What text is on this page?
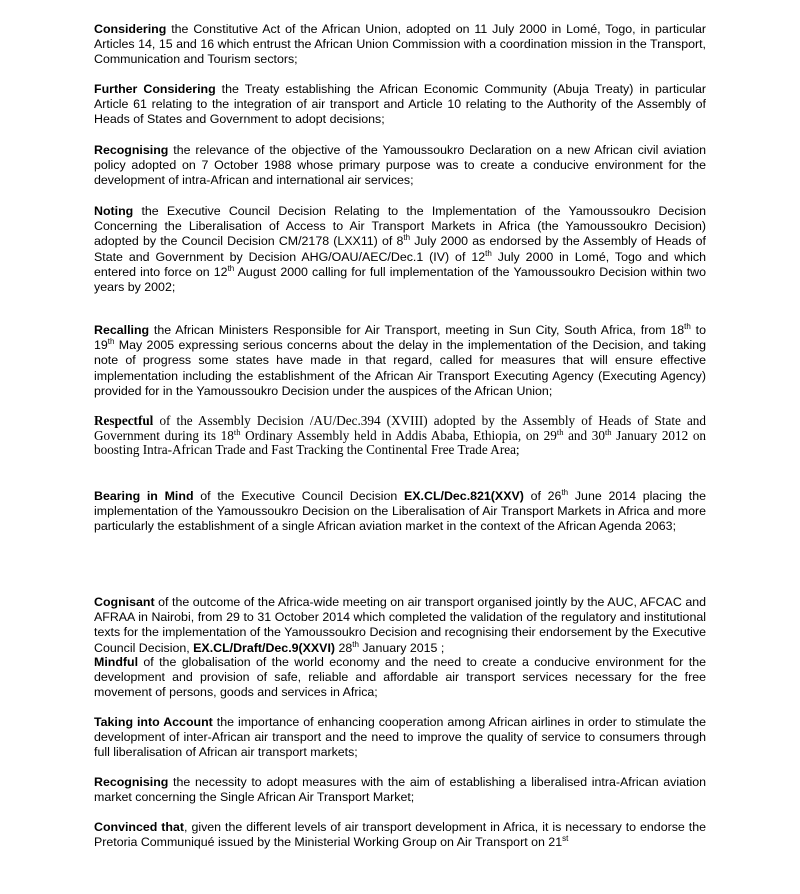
Considering the Constitutive Act of the African Union, adopted on 11 July 2000 in Lomé, Togo, in particular Articles 14, 15 and 16 which entrust the African Union Commission with a coordination mission in the Transport, Communication and Tourism sectors;

Further Considering the Treaty establishing the African Economic Community (Abuja Treaty) in particular Article 61 relating to the integration of air transport and Article 10 relating to the Authority of the Assembly of Heads of States and Government to adopt decisions;

Recognising the relevance of the objective of the Yamoussoukro Declaration on a new African civil aviation policy adopted on 7 October 1988 whose primary purpose was to create a conducive environment for the development of intra-African and international air services;

Noting the Executive Council Decision Relating to the Implementation of the Yamoussoukro Decision Concerning the Liberalisation of Access to Air Transport Markets in Africa (the Yamoussoukro Decision) adopted by the Council Decision CM/2178 (LXX11) of 8th July 2000 as endorsed by the Assembly of Heads of State and Government by Decision AHG/OAU/AEC/Dec.1 (IV) of 12th July 2000 in Lomé, Togo and which entered into force on 12th August 2000 calling for full implementation of the Yamoussoukro Decision within two years by 2002;

Recalling the African Ministers Responsible for Air Transport, meeting in Sun City, South Africa, from 18th to 19th May 2005 expressing serious concerns about the delay in the implementation of the Decision, and taking note of progress some states have made in that regard, called for measures that will ensure effective implementation including the establishment of the African Air Transport Executing Agency (Executing Agency) provided for in the Yamoussoukro Decision under the auspices of the African Union;

Respectful of the Assembly Decision /AU/Dec.394 (XVIII) adopted by the Assembly of Heads of State and Government during its 18th Ordinary Assembly held in Addis Ababa, Ethiopia, on 29th and 30th January 2012 on boosting Intra-African Trade and Fast Tracking the Continental Free Trade Area;

Bearing in Mind of the Executive Council Decision EX.CL/Dec.821(XXV) of 26th June 2014 placing the implementation of the Yamoussoukro Decision on the Liberalisation of Air Transport Markets in Africa and more particularly the establishment of a single African aviation market in the context of the African Agenda 2063;

Cognisant of the outcome of the Africa-wide meeting on air transport organised jointly by the AUC, AFCAC and AFRAA in Nairobi, from 29 to 31 October 2014 which completed the validation of the regulatory and institutional texts for the implementation of the Yamoussoukro Decision and recognising their endorsement by the Executive Council Decision, EX.CL/Draft/Dec.9(XXVI) 28th January 2015 ;

Mindful of the globalisation of the world economy and the need to create a conducive environment for the development and provision of safe, reliable and affordable air transport services necessary for the free movement of persons, goods and services in Africa;

Taking into Account the importance of enhancing cooperation among African airlines in order to stimulate the development of inter-African air transport and the need to improve the quality of service to consumers through full liberalisation of African air transport markets;

Recognising the necessity to adopt measures with the aim of establishing a liberalised intra-African aviation market concerning the Single African Air Transport Market;

Convinced that, given the different levels of air transport development in Africa, it is necessary to endorse the Pretoria Communiqué issued by the Ministerial Working Group on Air Transport on 21st
